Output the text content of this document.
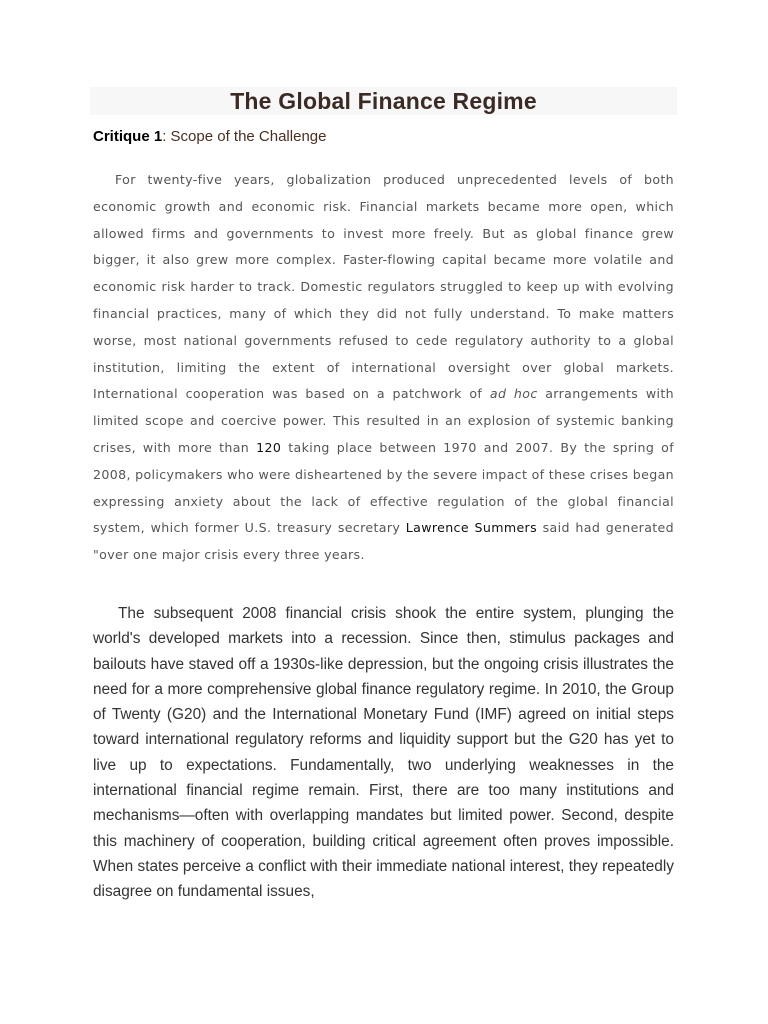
The Global Finance Regime

Critique 1: Scope of the Challenge

For twenty-five years, globalization produced unprecedented levels of both economic growth and economic risk. Financial markets became more open, which allowed firms and governments to invest more freely. But as global finance grew bigger, it also grew more complex. Faster-flowing capital became more volatile and economic risk harder to track. Domestic regulators struggled to keep up with evolving financial practices, many of which they did not fully understand. To make matters worse, most national governments refused to cede regulatory authority to a global institution, limiting the extent of international oversight over global markets. International cooperation was based on a patchwork of ad hoc arrangements with limited scope and coercive power. This resulted in an explosion of systemic banking crises, with more than 120 taking place between 1970 and 2007. By the spring of 2008, policymakers who were disheartened by the severe impact of these crises began expressing anxiety about the lack of effective regulation of the global financial system, which former U.S. treasury secretary Lawrence Summers said had generated "over one major crisis every three years.

The subsequent 2008 financial crisis shook the entire system, plunging the world's developed markets into a recession. Since then, stimulus packages and bailouts have staved off a 1930s-like depression, but the ongoing crisis illustrates the need for a more comprehensive global finance regulatory regime. In 2010, the Group of Twenty (G20) and the International Monetary Fund (IMF) agreed on initial steps toward international regulatory reforms and liquidity support but the G20 has yet to live up to expectations. Fundamentally, two underlying weaknesses in the international financial regime remain. First, there are too many institutions and mechanisms—often with overlapping mandates but limited power. Second, despite this machinery of cooperation, building critical agreement often proves impossible. When states perceive a conflict with their immediate national interest, they repeatedly disagree on fundamental issues,
